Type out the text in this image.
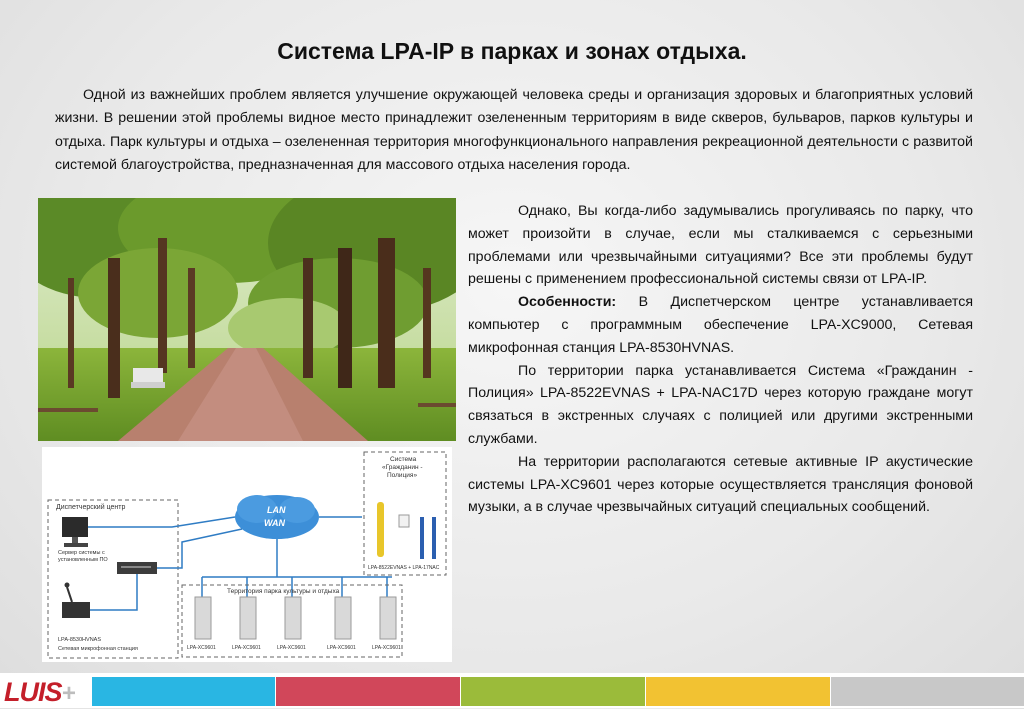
Система LPA-IP в парках и зонах отдыха.
Одной из важнейших проблем является улучшение окружающей человека среды и организация здоровых и благоприятных условий жизни. В решении этой проблемы видное место принадлежит озелененным территориям в виде скверов, бульваров, парков культуры и отдыха. Парк культуры и отдыха – озелененная территория многофункционального направления рекреационной деятельности с развитой системой благоустройства, предназначенная для массового отдыха населения города.
Диспетчерский центр
Сервер системы с
установленным ПО
LPA-8530HVNAS
Сетевая микрофонная станция
LAN
WAN
Система
«Гражданин -
Полиция»
LPA-8522EVNAS + LPA-17NAC
Территория парка культуры и отдыха
LPA-XC9601	LPA-XC9601	LPA-XC9601	LPA-XC9601	LPA-XC9601

Однако, Вы когда-либо задумывались прогуливаясь по парку, что может произойти в случае, если мы сталкиваемся с серьезными проблемами или чрезвычайными ситуациями? Все эти проблемы будут решены с применением профессиональной системы связи от LPA-IP.

Особенности: В Диспетчерском центре устанавливается компьютер с программным обеспечение LPA-XC9000, Сетевая микрофонная станция LPA-8530HVNAS.

По территории парка устанавливается Система «Гражданин - Полиция» LPA-8522EVNAS + LPA-NAC17D через которую граждане могут связаться в экстренных случаях с полицией или другими экстренными службами.

На территории располагаются сетевые активные IP акустические системы LPA-XC9601 через которые осуществляется трансляция фоновой музыки, а в случае чрезвычайных ситуаций специальных сообщений.

LUIS+
